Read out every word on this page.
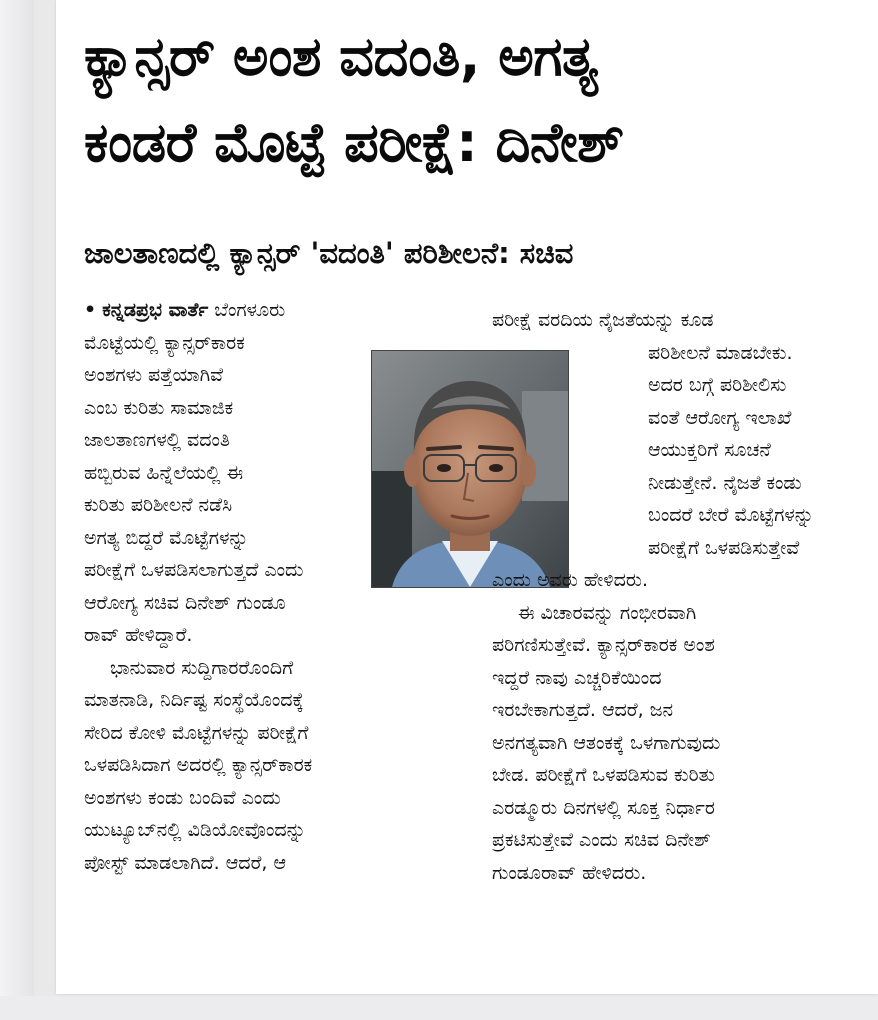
ಕ್ಯಾನ್ಸರ್ ಅಂಶ ವದಂತಿ, ಅಗತ್ಯ
ಕಂಡರೆ ಮೊಟ್ಟೆ ಪರೀಕ್ಷೆ: ದಿನೇಶ್
ಜಾಲತಾಣದಲ್ಲಿ ಕ್ಯಾನ್ಸರ್ 'ವದಂತಿ' ಪರಿಶೀಲನೆ: ಸಚಿವ
• ಕನ್ನಡಪ್ರಭ ವಾರ್ತೆ ಬೆಂಗಳೂರು
ಮೊಟ್ಟೆಯಲ್ಲಿ ಕ್ಯಾನ್ಸರ್‌ಕಾರಕ
ಅಂಶಗಳು ಪತ್ತೆಯಾಗಿವೆ
ಎಂಬ ಕುರಿತು ಸಾಮಾಜಿಕ
ಜಾಲತಾಣಗಳಲ್ಲಿ ವದಂತಿ
ಹಬ್ಬಿರುವ ಹಿನ್ನೆಲೆಯಲ್ಲಿ ಈ
ಕುರಿತು ಪರಿಶೀಲನೆ ನಡೆಸಿ
ಅಗತ್ಯ ಬಿದ್ದರೆ ಮೊಟ್ಟೆಗಳನ್ನು
ಪರೀಕ್ಷೆಗೆ ಒಳಪಡಿಸಲಾಗುತ್ತದೆ ಎಂದು
ಆರೋಗ್ಯ ಸಚಿವ ದಿನೇಶ್ ಗುಂಡೂ
ರಾವ್ ಹೇಳಿದ್ದಾರೆ.
ಭಾನುವಾರ ಸುದ್ದಿಗಾರರೊಂದಿಗೆ
ಮಾತನಾಡಿ, ನಿರ್ದಿಷ್ಟ ಸಂಸ್ಥೆಯೊಂದಕ್ಕೆ
ಸೇರಿದ ಕೋಳಿ ಮೊಟ್ಟೆಗಳನ್ನು ಪರೀಕ್ಷೆಗೆ
ಒಳಪಡಿಸಿದಾಗ ಅದರಲ್ಲಿ ಕ್ಯಾನ್ಸರ್‌ಕಾರಕ
ಅಂಶಗಳು ಕಂಡು ಬಂದಿವೆ ಎಂದು
ಯುಟ್ಯೂಬ್‌ನಲ್ಲಿ ವಿಡಿಯೋವೊಂದನ್ನು
ಪೋಸ್ಟ್ ಮಾಡಲಾಗಿದೆ. ಆದರೆ, ಆ
ಪರೀಕ್ಷೆ ವರದಿಯ ನೈಜತೆಯನ್ನು ಕೂಡ
ಪರಿಶೀಲನೆ ಮಾಡಬೇಕು.
ಅದರ ಬಗ್ಗೆ ಪರಿಶೀಲಿಸು
ವಂತೆ ಆರೋಗ್ಯ ಇಲಾಖೆ
ಆಯುಕ್ತರಿಗೆ ಸೂಚನೆ
ನೀಡುತ್ತೇನೆ. ನೈಜತೆ ಕಂಡು
ಬಂದರೆ ಬೇರೆ ಮೊಟ್ಟೆಗಳನ್ನು
ಪರೀಕ್ಷೆಗೆ ಒಳಪಡಿಸುತ್ತೇವೆ
ಎಂದು ಅವರು ಹೇಳಿದರು.
ಈ ವಿಚಾರವನ್ನು ಗಂಭೀರವಾಗಿ
ಪರಿಗಣಿಸುತ್ತೇವೆ. ಕ್ಯಾನ್ಸರ್‌ಕಾರಕ ಅಂಶ
ಇದ್ದರೆ ನಾವು ಎಚ್ಚರಿಕೆಯಿಂದ
ಇರಬೇಕಾಗುತ್ತದೆ. ಆದರೆ, ಜನ
ಅನಗತ್ಯವಾಗಿ ಆತಂಕಕ್ಕೆ ಒಳಗಾಗುವುದು
ಬೇಡ. ಪರೀಕ್ಷೆಗೆ ಒಳಪಡಿಸುವ ಕುರಿತು
ಎರಡ್ಮೂರು ದಿನಗಳಲ್ಲಿ ಸೂಕ್ತ ನಿರ್ಧಾರ
ಪ್ರಕಟಿಸುತ್ತೇವೆ ಎಂದು ಸಚಿವ ದಿನೇಶ್
ಗುಂಡೂರಾವ್ ಹೇಳಿದರು.
